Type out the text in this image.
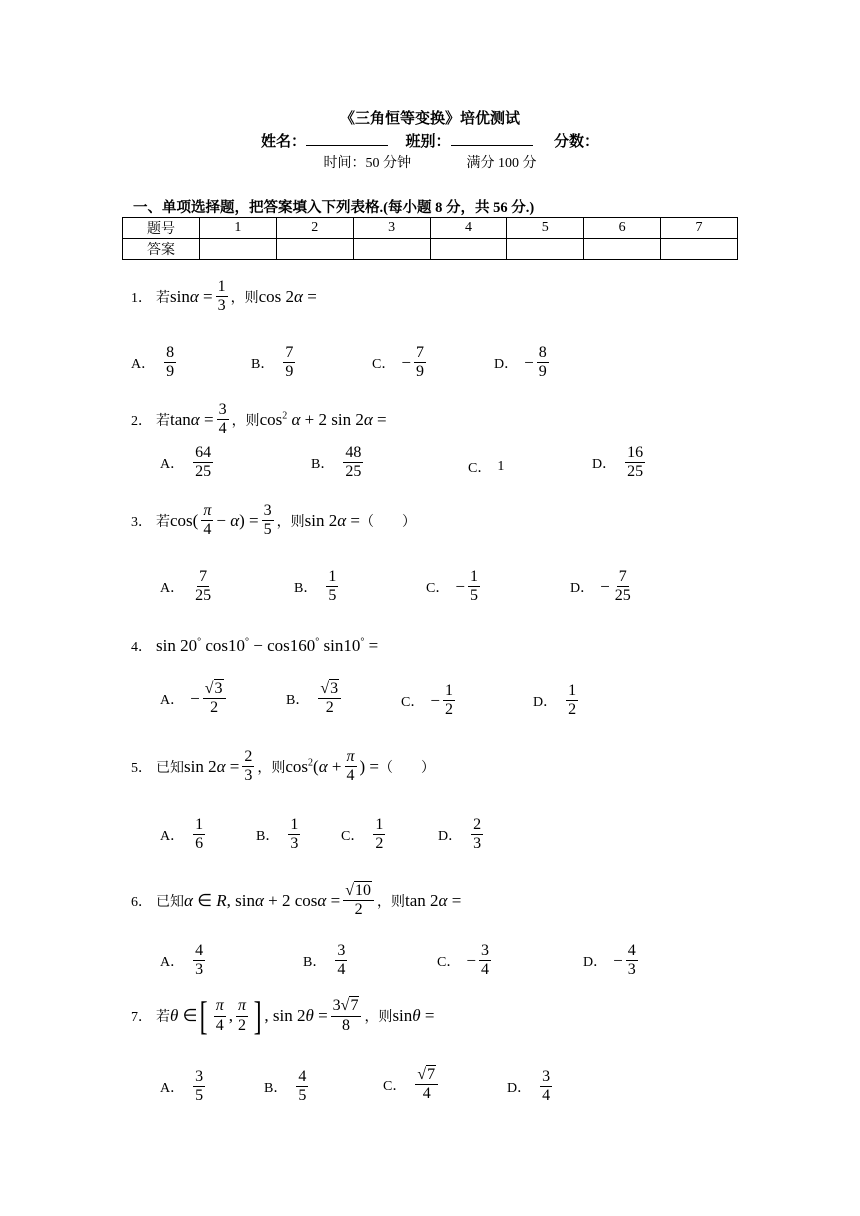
《三角恒等变换》培优测试
姓名：	班别：	分数：
时间：50 分钟	满分 100 分
一、单项选择题，把答案填入下列表格.(每小题 8 分，共 56 分.)
题号	1	2	3	4	5	6	7
答案							
1． 若 $\sin\alpha = \frac{1}{3}$ ，则 cos 2α =
A． $\frac{8}{9}$	B． $\frac{7}{9}$	C． − $\frac{7}{9}$	D． − $\frac{8}{9}$
2． 若 $\tan\alpha = \frac{3}{4}$ ，则 $\cos^2 \alpha + 2$ sin 2α =
A． $\frac{64}{25}$	B． $\frac{48}{25}$	C． 1	D． $\frac{16}{25}$
3． 若 $\cos( \frac{\pi}{4} - \alpha) = \frac{3}{5}$ ，则 sin 2α = （　　）
A． $\frac{7}{25}$	B． $\frac{1}{5}$	C． − $\frac{1}{5}$	D． − $\frac{7}{25}$
4． sin 20° cos10° − cos160° sin10° =
A． − $\frac{√3}{2}$	B． $\frac{√3}{2}$	C． − $\frac{1}{2}$	D． $\frac{1}{2}$
5． 已知 $\sin 2\alpha = \frac{2}{3}$ ，则 $\cos^2(\alpha + \frac{\pi}{4}$ ) = （　　）
A． $\frac{1}{6}$	B． $\frac{1}{3}$	C． $\frac{1}{2}$	D． $\frac{2}{3}$
6． 已知 α ∈ R, sinα + 2 $\cos\alpha = \frac{√10}{2}$ ，则 tan 2α =
A． $\frac{4}{3}$	B． $\frac{3}{4}$	C． − $\frac{3}{4}$	D． − $\frac{4}{3}$
7． 若 θ ∈ [ $\frac{\pi}{4}$ , $\frac{\pi}{2}$ ] , $\sin 2\theta = \frac{3√7}{8}$ ，则 sinθ =
A． $\frac{3}{5}$	B． $\frac{4}{5}$	C． $\frac{√7}{4}$	D． $\frac{3}{4}$
